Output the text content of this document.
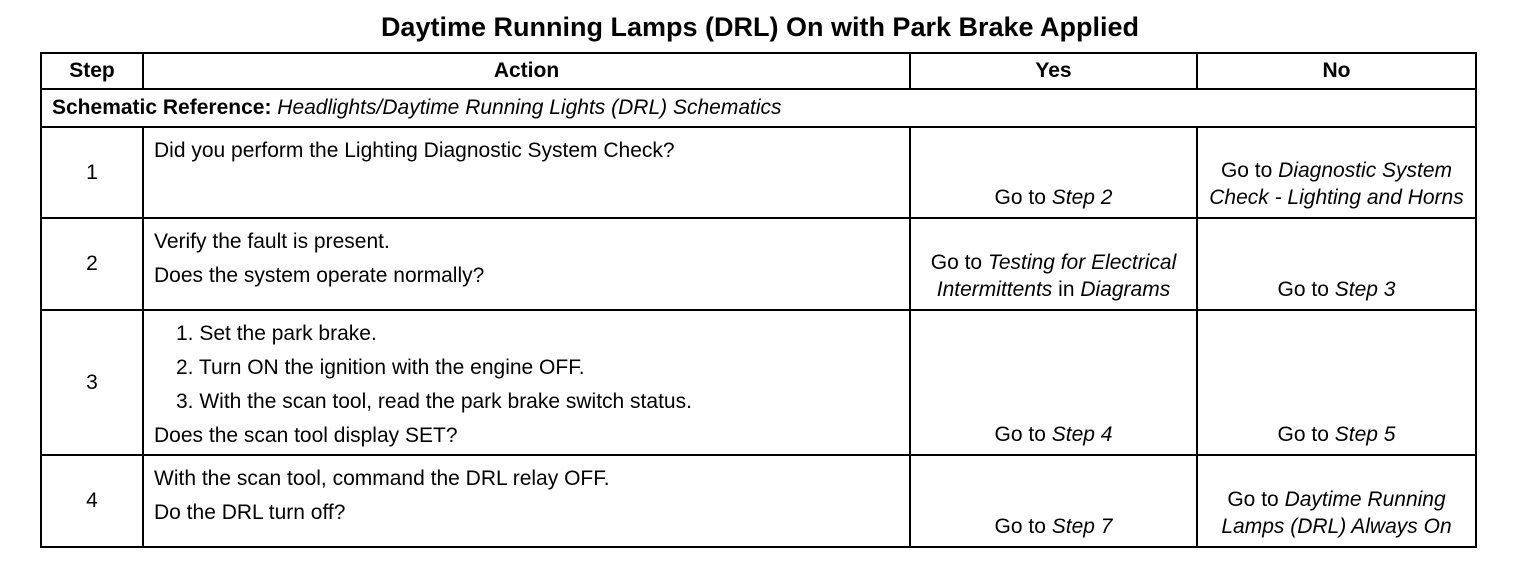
Daytime Running Lamps (DRL) On with Park Brake Applied
Step	Action	Yes	No
Schematic Reference: Headlights/Daytime Running Lights (DRL) Schematics			
1	Did you perform the Lighting Diagnostic System Check?	Go to Step 2	Go to Diagnostic System Check - Lighting and Horns
2	Verify the fault is present.
Does the system operate normally?	Go to Testing for Electrical Intermittents in Diagrams	Go to Step 3
3	1. Set the park brake.
2. Turn ON the ignition with the engine OFF.
3. With the scan tool, read the park brake switch status.
Does the scan tool display SET?	Go to Step 4	Go to Step 5
4	With the scan tool, command the DRL relay OFF.
Do the DRL turn off?	Go to Step 7	Go to Daytime Running Lamps (DRL) Always On
